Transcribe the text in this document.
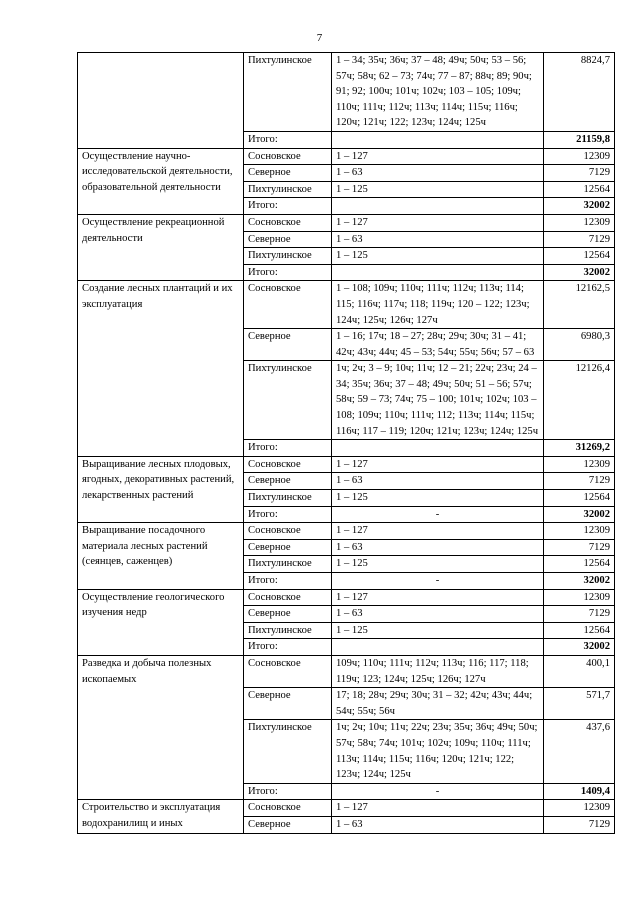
7
	Пихтулинское	1 – 34; 35ч; 36ч; 37 – 48; 49ч; 50ч; 53 – 56; 57ч; 58ч; 62 – 73; 74ч; 77 – 87; 88ч; 89; 90ч; 91; 92; 100ч; 101ч; 102ч; 103 – 105; 109ч; 110ч; 111ч; 112ч; 113ч; 114ч; 115ч; 116ч; 120ч; 121ч; 122; 123ч; 124ч; 125ч	8824,7
	Итого:		21159,8
Осуществление научно-исследовательской деятельности, образовательной деятельности	Сосновское	1 – 127	12309
	Северное	1 – 63	7129
	Пихтулинское	1 – 125	12564
	Итого:		32002
Осуществление рекреационной деятельности	Сосновское	1 – 127	12309
	Северное	1 – 63	7129
	Пихтулинское	1 – 125	12564
	Итого:		32002
Создание лесных плантаций и их эксплуатация	Сосновское	1 – 108; 109ч; 110ч; 111ч; 112ч; 113ч; 114; 115; 116ч; 117ч; 118; 119ч; 120 – 122; 123ч; 124ч; 125ч; 126ч; 127ч	12162,5
	Северное	1 – 16; 17ч; 18 – 27; 28ч; 29ч; 30ч; 31 – 41; 42ч; 43ч; 44ч; 45 – 53; 54ч; 55ч; 56ч; 57 – 63	6980,3
	Пихтулинское	1ч; 2ч; 3 – 9; 10ч; 11ч; 12 – 21; 22ч; 23ч; 24 – 34; 35ч; 36ч; 37 – 48; 49ч; 50ч; 51 – 56; 57ч; 58ч; 59 – 73; 74ч; 75 – 100; 101ч; 102ч; 103 – 108; 109ч; 110ч; 111ч; 112; 113ч; 114ч; 115ч; 116ч; 117 – 119; 120ч; 121ч; 123ч; 124ч; 125ч	12126,4
	Итого:		31269,2
Выращивание лесных плодовых, ягодных, декоративных растений, лекарственных растений	Сосновское	1 – 127	12309
	Северное	1 – 63	7129
	Пихтулинское	1 – 125	12564
	Итого:	-	32002
Выращивание посадочного материала лесных растений (сеянцев, саженцев)	Сосновское	1 – 127	12309
	Северное	1 – 63	7129
	Пихтулинское	1 – 125	12564
	Итого:	-	32002
Осуществление геологического изучения недр	Сосновское	1 – 127	12309
	Северное	1 – 63	7129
	Пихтулинское	1 – 125	12564
	Итого:		32002
Разведка и добыча полезных ископаемых	Сосновское	109ч; 110ч; 111ч; 112ч; 113ч; 116; 117; 118; 119ч; 123; 124ч; 125ч; 126ч; 127ч	400,1
	Северное	17; 18; 28ч; 29ч; 30ч; 31 – 32; 42ч; 43ч; 44ч; 54ч; 55ч; 56ч	571,7
	Пихтулинское	1ч; 2ч; 10ч; 11ч; 22ч; 23ч; 35ч; 36ч; 49ч; 50ч; 57ч; 58ч; 74ч; 101ч; 102ч; 109ч; 110ч; 111ч; 113ч; 114ч; 115ч; 116ч; 120ч; 121ч; 122; 123ч; 124ч; 125ч	437,6
	Итого:	-	1409,4
Строительство и эксплуатация водохранилищ и иных	Сосновское	1 – 127	12309
	Северное	1 – 63	7129
